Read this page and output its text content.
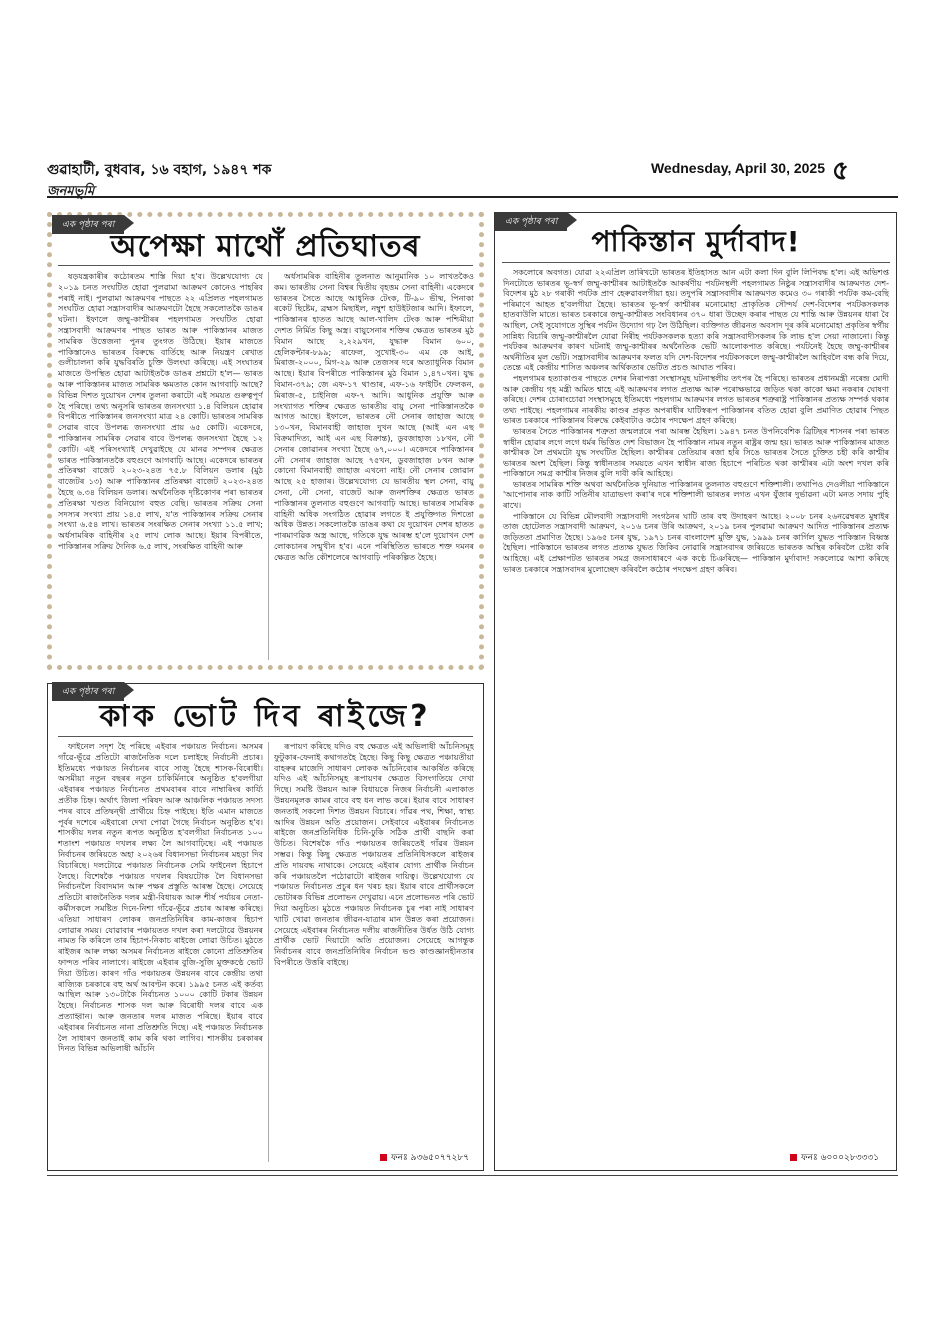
গুৱাহাটী, বুধবাৰ, ১৬ বহাগ, ১৯৪৭ শক	৫
Wednesday, April 30, 2025
জনমভূমি
এক পৃষ্ঠাৰ পৰা
অপেক্ষা মাথোঁ প্ৰতিঘাতৰ

ষড়যন্ত্ৰকাৰীৰ কঠোৰতম শাস্তি দিয়া হ'ব। উল্লেখযোগ্য যে ২০১৯ চনত সংঘটিত হোৱা পুলৱামা আক্ৰমণ কোনেও পাহৰিব পৰাই নাই। পুলৱামা আক্ৰমণৰ পাছতে ২২ এপ্ৰিলত পহলগামত সংঘটিত হোৱা সন্ত্ৰাসবাদীৰ আক্ৰমণটো হৈছে সকলোতকৈ ডাঙৰ ঘটনা। ইফালে জম্মু-কাশ্মীৰৰ পহলগামত সংঘটিত হোৱা সন্ত্ৰাসবাদী আক্ৰমণৰ পাছত ভাৰত আৰু পাকিস্তানৰ মাজত সামৰিক উত্তেজনা পুনৰ তুংগত উঠিছে। ইয়াৰ মাজতে পাকিস্তানেও ভাৰতৰ বিৰুদ্ধে বাৰ্তিছে আৰু নিয়ন্ত্ৰণ ৰেখাত গুলীচালনা কৰি যুদ্ধবিৰতি চুক্তি উলংঘা কৰিছে। এই সংঘাতৰ মাজতে উপস্থিত হোৱা আটাইতকৈ ডাঙৰ প্ৰশ্নটো হ'ল— ভাৰত আৰু পাকিস্তানৰ মাজত সামৰিক ক্ষমতাত কোন আগবাঢ়ি আছে? বিভিন্ন দিশত দুয়োখন দেশৰ তুলনা কৰাটো এই সময়ত গুৰুত্বপূৰ্ণ হৈ পৰিছে। তথ্য অনুসৰি ভাৰতৰ জনসংখ্যা ১.৪ বিলিয়ন হোৱাৰ বিপৰীতে পাকিস্তানৰ জনসংখ্যা মাত্ৰ ২৪ কোটি। ভাৰতৰ সামৰিক সেৱাৰ বাবে উপলব্ধ জনসংখ্যা প্ৰায় ৬৫ কোটি। একেদৰে, পাকিস্তানৰ সামৰিক সেৱাৰ বাবে উপলব্ধ জনসংখ্যা হৈছে ১২ কোটি। এই পৰিসংখ্যাই দেখুৱাইছে যে মানৱ সম্পদৰ ক্ষেত্ৰত ভাৰত পাকিস্তানতকৈ বহুগুণে আগবাঢ়ি আছে। একেদৰে ভাৰতৰ প্ৰতিৰক্ষা বাজেট ২০২৩-২৪ত ৭৫.৮ বিলিয়ন ডলাৰ (মুঠ বাজেটৰ ১৩) আৰু পাকিস্তানৰ প্ৰতিৰক্ষা বাজেট ২০২৩-২৪ত হৈছে ৬.৩৪ বিলিয়ন ডলাৰ। অৰ্থনৈতিক দৃষ্টিকোণৰ পৰা ভাৰতৰ প্ৰতিৰক্ষা খণ্ডত বিনিয়োগ বহুত বেছি। ভাৰতৰ সক্ৰিয় সেনা সদস্যৰ সংখ্যা প্ৰায় ১৪.৫ লাখ, য'ত পাকিস্তানৰ সক্ৰিয় সেনাৰ সংখ্যা ৬.৫৪ লাখ। ভাৰতৰ সংৰক্ষিত সেনাৰ সংখ্যা ১১.৫ লাখ; অৰ্ধসামৰিক বাহিনীৰ ২৫ লাখ লোক আছে। ইয়াৰ বিপৰীতে, পাকিস্তানৰ সক্ৰিয় দৈনিক ৬.৫ লাখ, সংৰক্ষিত বাহিনী আৰু

অৰ্ধসামৰিক বাহিনীৰ তুলনাত আনুমানিক ১০ লাখতকৈও কম। ভাৰতীয় সেনা বিশ্বৰ দ্বিতীয় বৃহত্তম সেনা বাহিনী। একেদৰে ভাৰতৰ সৈতে আছে আধুনিক টেংক, টি-৯০ ভীষ্ম, পিনাকা ৰকেট ছিষ্টেম, ব্ৰহ্মস মিছাইল, নম্বুশ হাউইটজাৰ আদি। ইফালে, পাকিস্তানৰ হাতত আছে আল-খালিদ টেংক আৰু পশ্চিমীয়া দেশত নিৰ্মিত কিছু অস্ত্ৰ। বায়ুসেনাৰ শক্তিৰ ক্ষেত্ৰত ভাৰতৰ মুঠ বিমান আছে ২,২২৯খন, যুদ্ধাৰু বিমান ৬০০, হেলিকপ্টাৰ-৮৯৯; ৰাফেল, সুখোই-৩০ এম কে আই, মিৰাজ-২০০০, মিগ-২৯ আৰু তেজসৰ দৰে অত্যাধুনিক বিমান আছে। ইয়াৰ বিপৰীতে পাকিস্তানৰ মুঠ বিমান ১,৪৭০খন। যুদ্ধ বিমান-৩৭৯; জে এফ-১৭ থাণ্ডাৰ, এফ-১৬ ফাইটিং ফেলকন, মিৰাজ-৫, চাইনিজ এফ-৭ আদি। আধুনিক প্ৰযুক্তি আৰু সংখ্যাগত শক্তিৰ ক্ষেত্ৰত ভাৰতীয় বায়ু সেনা পাকিস্তানতকৈ আগত আছে। ইফালে, ভাৰতৰ নৌ সেনাৰ জাহাজ আছে ১৩০খন, বিমানবাহী জাহাজ দুখন আছে (আই এন এছ বিক্ৰমাদিত্য, আই এন এছ বিক্ৰান্ত), ডুবজাহাজ ১৮খন, নৌ সেনাৰ জোৱানৰ সংখ্যা হৈছে ৬৭,০০০। একেদৰে পাকিস্তানৰ নৌ সেনাৰ জাহাজ আছে ৭৫খন, ডুবজাহাজ ৮খন আৰু কোনো বিমানবাহী জাহাজ এখনো নাই। নৌ সেনাৰ জোৱান আছে ২৫ হাজাৰ। উল্লেখযোগ্য যে ভাৰতীয় স্থল সেনা, বায়ু সেনা, নৌ সেনা, বাজেট আৰু জনশক্তিৰ ক্ষেত্ৰত ভাৰত পাকিস্তানৰ তুলনাত বহুগুণে আগবাঢ়ি আছে। ভাৰতৰ সামৰিক বাহিনী অধিক সংগঠিত হোৱাৰ লগতে ই প্ৰযুক্তিগত দিশতো অধিক উন্নত। সকলোতকৈ ডাঙৰ কথা যে দুয়োখন দেশৰ হাতত পাৰমাণৱিক অস্ত্ৰ আছে, গতিকে যুদ্ধ আৰম্ভ হ'লে দুয়োখন দেশ লোকচানৰ সন্মুখীন হ'ব। এনে পৰিস্থিতিত ভাৰতে শক্ত দমনৰ ক্ষেত্ৰত অতি কৌশলেৰে আগবাঢ়ি পৰিকল্পিত হৈছে।

এক পৃষ্ঠাৰ পৰা
কাক ভোট দিব ৰাইজে?

ফাইনেল সদৃশ হৈ পৰিছে এইবাৰ পঞ্চায়ত নিৰ্বাচন। অসমৰ গাঁৱে-ভূঁৱে প্ৰতিটো ৰাজনৈতিক দলে চলাইছে নিৰ্বাচনী প্ৰচাৰ। ইতিমধ্যে পঞ্চায়ত নিৰ্বাচনৰ বাবে সাজু হৈছে শাসক-বিৰোধী। অসমীয়া নতুন বছৰৰ নতুন চাকিৰ্মিনাৰে অনুষ্ঠিত হ'বলগীয়া এইবাৰৰ পঞ্চায়ত নিৰ্বাচনত প্ৰথমবাৰৰ বাবে নাম্বাৰিংৰ কাৰ্য্যি প্ৰতীক চিহ্ন। অৰ্থাৎ জিলা পৰিষদ আৰু আঞ্চলিক পঞ্চায়ত সদস্য পদৰ বাবে প্ৰতিদ্বন্দ্বী প্ৰাৰ্থীয়ে চিহ্ন পাইছে। ইতি এমান মাজতে পূৰ্বৰ দশেৰে এইবাৰো দেখা পোৱা গৈছে নিৰ্বাচন অনুষ্ঠিত হ'ব। শাসকীয় দলৰ নতুন ৰূপত অনুষ্ঠিত হ'বলগীয়া নিৰ্বাচনত ১০০ শতাংশ পঞ্চায়ত দখলৰ লক্ষ্য লৈ আগবাঢ়িছে। এই পঞ্চায়ত নিৰ্বাচনৰ জৰিয়তে অহা ২০২৬ৰ বিধানসভা নিৰ্বাচনৰ মহড়া দিব বিচাৰিছে। দলটোৱে পঞ্চায়ত নিৰ্বাচনক সেমি ফাইনেল হিচাপে লৈছে। বিশেষকৈ পঞ্চায়ত দখলৰ বিষয়টোক লৈ বিধানসভা নিৰ্বাচনলৈ বিবাদমান আৰু পক্ষৰ প্ৰস্তুতি আৰম্ভ হৈছে। সেয়েহে প্ৰতিটো ৰাজনৈতিক দলৰ মন্ত্ৰী-বিধায়ক আৰু শীৰ্ষ পৰ্যায়ৰ নেতা-কৰ্মীসকলে সমষ্টিত দিনে-নিশা গাঁৱে-ভূঁৱে প্ৰচাৰ আৰম্ভ কৰিছে। এতিয়া সাধাৰণ লোকৰ জনপ্ৰতিনিধিৰ কাম-কাজৰ হিচাপ লোৱাৰ সময়। যোৱাবাৰ পঞ্চায়তত দখল কৰা দলটোৱে উন্নয়নৰ নামত কি কৰিলে তাৰ হিচাপ-নিকাচ ৰাইজে লোৱা উচিত। মুঠতে ৰাইজৰ আৰু লক্ষ্য অসমৰ নিৰ্বাচনত ৰাইজে কোনো প্ৰতিশ্ৰুতিৰ ফান্দত পৰিব নালাগে। ৰাইজে এইবাৰ বুজি-সুজি মুক্তকণ্ঠে ভোট দিয়া উচিত। কাৰণ গাঁও পঞ্চায়তৰ উন্নয়নৰ বাবে কেন্দ্ৰীয় তথা ৰাজ্যিক চৰকাৰে বহু অৰ্থ আবণ্টন কৰে। ১৯৯৫ চনত এই কৰ্তব্য আছিল আৰু ১৩০টাকৈ নিৰ্বাচনত ১০০০ কোটি টকাৰ উন্নয়ন হৈছে। নিৰ্বাচনত শাসক দল আৰু বিৰোধী দলৰ বাবে এক প্ৰত্যাহ্বান। আৰু জনতাৰ দলৰ মাজত পৰিছে। ইয়াৰ বাবে এইবাৰৰ নিৰ্বাচনত নানা প্ৰতিশ্ৰুতি দিছে। এই পঞ্চায়ত নিৰ্বাচনক লৈ সাধাৰণ জনতাই কাম কৰি থকা লাগিব। শাসকীয় চৰকাৰৰ দিনত বিভিন্ন অভিলাষী আঁচনি

ৰূপায়ণ কৰিছে যদিও বহু ক্ষেত্ৰত এই অভিলাষী আঁচনিসমূহ ফুটুকাৰ-ফেনাই কথাগতহৈ হৈছে। কিছু কিছু ক্ষেত্ৰত পঞ্চায়তীয়া বাহৰুৰ মাজেদি সাধাৰণ লোকক আঁচনিবোৰ আকৰ্ষিত কৰিছে যদিও এই আঁচনিসমূহ ৰূপায়ণৰ ক্ষেত্ৰত বিসংগতিয়ে দেখা দিছে। সমষ্টি উন্নয়ন আৰু বিধায়কে নিজৰ নিৰ্বাচনী এলাকাত উন্নয়নমূলক কামৰ বাবে বহু ধন লাভ কৰে। ইয়াৰ বাবে সাধাৰণ জনতাই সকলো দিশত উন্নয়ন বিচাৰে। গাঁৱৰ পথ, শিক্ষা, স্বাস্থ্য আদিৰ উন্নয়ন অতি প্ৰয়োজন। সেইবাবে এইবাৰৰ নিৰ্বাচনত ৰাইজে জনপ্ৰতিনিধিক চিনি-ঢুকি সঠিক প্ৰাৰ্থী বাছনি কৰা উচিত। বিশেষকৈ গাঁও পঞ্চায়তৰ জৰিয়তেই গাঁৱৰ উন্নয়ন সম্ভৱ। কিন্তু কিছু ক্ষেত্ৰত পঞ্চায়তৰ প্ৰতিনিধিসকলে ৰাইজৰ প্ৰতি দায়বদ্ধ নাথাকে। সেয়েহে এইবাৰ যোগ্য প্ৰাৰ্থীক নিৰ্বাচন কৰি পঞ্চায়তলৈ পঠোৱাটো ৰাইজৰ দায়িত্ব। উল্লেখযোগ্য যে পঞ্চায়ত নিৰ্বাচনত প্ৰচুৰ ধন খৰচ হয়। ইয়াৰ বাবে প্ৰাৰ্থীসকলে ভোটাৰক বিভিন্ন প্ৰলোভন দেখুৱায়। এনে প্ৰলোভনত পৰি ভোট দিয়া অনুচিত। মুঠতে পঞ্চায়ত নিৰ্বাচনক চুৰ পৰা নাই সাধাৰণ খাটি খোৱা জনতাৰ জীৱন-যাত্ৰাৰ মান উন্নত কৰা প্ৰয়োজন। সেয়েহে এইবাৰৰ নিৰ্বাচনত দলীয় ৰাজনীতিৰ উৰ্ধত উঠি যোগ্য প্ৰাৰ্থীক ভোট দিয়াটো অতি প্ৰয়োজন। সেয়েহে আগন্তুক নিৰ্বাচনৰ বাবে জনপ্ৰতিনিধিৰ নিৰ্বাচন ভণ্ড কাণ্ডজ্ঞানহীনতাৰ বিপৰীতে উত্তৰি বাইছে।

ফনঃ ৯৩৬৫০৭৭২৮৭
এক পৃষ্ঠাৰ পৰা
পাকিস্তান মুৰ্দাবাদ!

সকলোৰে অবগত। যোৱা ২২এপ্ৰিল তাৰিখটো ভাৰতৰ ইতিহাসত আন এটা কলা দিন বুলি লিপিবদ্ধ হ'ল। এই অভিশপ্ত দিনটোতে ভাৰতৰ ভূ-স্বৰ্গ জম্মু-কাশ্মীৰৰ আটাইতকৈ আকৰ্ষণীয় পৰ্যটনস্থলী পহলগামত নিষ্ঠুৰ সন্ত্ৰাসবাদীৰ আক্ৰমণত দেশ-বিদেশৰ মুঠ ২৮ গৰাকী পৰ্যটক প্ৰাণ হেৰুৱাবলগীয়া হয়। তদুপৰি সন্ত্ৰাসবাদীৰ আক্ৰমণত কমেও ৩০ গৰাকী পৰ্যটক কম-বেছি পৰিমাণে আহত হ'বলগীয়া হৈছে। ভাৰতৰ ভূ-স্বৰ্গ কাশ্মীৰৰ মনোমোহা প্ৰাকৃতিক সৌন্দৰ্য দেশ-বিদেশৰ পৰ্যটকসকলক হাতবাউলি মাতে। ভাৰত চৰকাৰে জম্মু-কাশ্মীৰত সংবিধানৰ ৩৭০ ধাৰা উচ্ছেদ কৰাৰ পাছত যে শান্তি আৰু উন্নয়নৰ ধাৰা বৈ আছিল, সেই সুযোগতে সুস্থিৰ পৰ্যটন উদ্যোগ গঢ় লৈ উঠিছিল। ব্যক্তিগত জীৱনত অবসাদ দূৰ কৰি মনোমোহা প্ৰকৃতিৰ স্বৰ্গীয় সান্নিধ্য বিচাৰি জম্মু-কাশ্মীৰলৈ যোৱা নিৰীহ পৰ্যটকসকলক হত্যা কৰি সন্ত্ৰাসবাদীসকলৰ কি লাভ হ'ল সেয়া নাজানো। কিন্তু পৰ্যটকৰ আক্ৰমণৰ কাৰণ ঘটনাই জম্মু-কাশ্মীৰৰ অৰ্থনৈতিক ভেটি আলোকপাত কৰিছে। পৰ্যটনেই হৈছে জম্মু-কাশ্মীৰৰ অৰ্থনীতিৰ মূল ভেটি। সন্ত্ৰাসবাদীৰ আক্ৰমণৰ ফলত যদি দেশ-বিদেশৰ পৰ্যটকসকলে জম্মু-কাশ্মীৰলৈ আহিবলৈ বন্ধ কৰি দিয়ে, তেন্তে এই কেন্দ্ৰীয় শাসিত অঞ্চলৰ অৰ্থিকতাৰ ভেটিত প্ৰচণ্ড আঘাত পৰিব।

পহলগামৰ হত্যাকাণ্ডৰ পাছতে দেশৰ নিৰাপত্তা সংস্থাসমূহ ঘটনাস্থলীয় তৎপৰ হৈ পৰিছে। ভাৰতৰ প্ৰধানমন্ত্ৰী নৰেন্দ্ৰ মোদী আৰু কেন্দ্ৰীয় গৃহ মন্ত্ৰী অমিত শ্বাহে এই আক্ৰমণৰ লগত প্ৰত্যক্ষ আৰু পৰোক্ষভাৱে জড়িত থকা কাকো ক্ষমা নকৰাৰ ঘোষণা কৰিছে। দেশৰ চোৰাংচোৱা সংস্থাসমূহে ইতিমধ্যে পহলগাম আক্ৰমণৰ লগত ভাৰতৰ শত্ৰুৰাষ্ট্ৰ পাকিস্তানৰ প্ৰত্যক্ষ সম্পৰ্ক থকাৰ তথ্য পাইছে। পহলগামৰ নাৰকীয় কাণ্ডৰ প্ৰকৃত অপৰাধীৰ ঘাটিস্বৰূপ পাকিস্তানৰ বতিত হোৱা বুলি প্ৰমাণিত হোৱাৰ পিছত ভাৰত চৰকাৰে পাকিস্তানৰ বিৰুদ্ধে কেইবাটাও কঠোৰ পদক্ষেপ গ্ৰহণ কৰিছে।

ভাৰতৰ সৈতে পাকিস্তানৰ শত্ৰুতা জন্মলগ্নৰে পৰা আৰম্ভ হৈছিল। ১৯৪৭ চনত উপনিবেশিক ব্ৰিটিছৰ শাসনৰ পৰা ভাৰত স্বাধীন হোৱাৰ লগে লগে ধৰ্মৰ ভিত্তিত দেশ বিভাজন হৈ পাকিস্তান নামৰ নতুন ৰাষ্ট্ৰৰ জন্ম হয়। ভাৰত আৰু পাকিস্তানৰ মাজত কাশ্মীৰক লৈ প্ৰথমটো যুদ্ধ সংঘটিত হৈছিল। কাশ্মীৰৰ তেতিয়াৰ ৰজা হৰি সিঙে ভাৰতৰ সৈতে চুক্তিত চহী কৰি কাশ্মীৰ ভাৰতৰ অংশ হৈছিল। কিন্তু স্বাধীনতাৰ সময়তে এখন স্বাধীন ৰাজ্য হিচাপে পৰিচিত থকা কাশ্মীৰৰ এটা অংশ দখল কৰি পাকিস্তানে সমগ্ৰ কাশ্মীৰ নিজৰ বুলি দাবী কৰি আহিছে।

ভাৰতৰ সামৰিক শক্তি অথবা অৰ্থনৈতিক দুনিয়াত পাকিস্তানৰ তুলনাত বহুগুণে শক্তিশালী। তথাপিও দেওলীয়া পাকিস্তানে 'আপোনাৰ নাক কাটি সতিনীৰ যাত্ৰাভংগ কৰা'ৰ দৰে শক্তিশালী ভাৰতৰ লগত এখন যুঁজাৰ দুৰ্ভাৱনা এটা মনত সদায় পুহি ৰাখে।

পাকিস্তানে যে বিভিন্ন মৌলবাদী সন্ত্ৰাসবাদী সংগঠনৰ ঘাটি তাৰ বহু উদাহৰণ আছে। ২০০৮ চনৰ ২৬নৱেম্বৰত মুম্বাইৰ তাজ হোটেলত সন্ত্ৰাসবাদী আক্ৰমণ, ২০১৬ চনৰ উৰি আক্ৰমণ, ২০১৯ চনৰ পুলৱামা আক্ৰমণ আদিত পাকিস্তানৰ প্ৰত্যক্ষ জড়িততা প্ৰমাণিত হৈছে। ১৯৬৫ চনৰ যুদ্ধ, ১৯৭১ চনৰ বাংলাদেশ মুক্তি যুদ্ধ, ১৯৯৯ চনৰ কাৰ্গিল যুদ্ধত পাকিস্তান বিধ্বস্ত হৈছিল। পাকিস্তানে ভাৰতৰ লগত প্ৰত্যক্ষ যুদ্ধত জিকিব নোৱাৰি সন্ত্ৰাসবাদৰ জৰিয়তে ভাৰতক অস্থিৰ কৰিবলৈ চেষ্টা কৰি আহিছে। এই প্ৰেক্ষাপটত ভাৰতৰ সমগ্ৰ জনসাধাৰণে এক কণ্ঠে চিঞৰিছে— পাকিস্তান মুৰ্দাবাদ! সকলোৱে আশা কৰিছে ভাৰত চৰকাৰে সন্ত্ৰাসবাদৰ মুলোচ্ছেদ কৰিবলৈ কঠোৰ পদক্ষেপ গ্ৰহণ কৰিব।

ফনঃ ৬০০০২৮৩৩৩১
